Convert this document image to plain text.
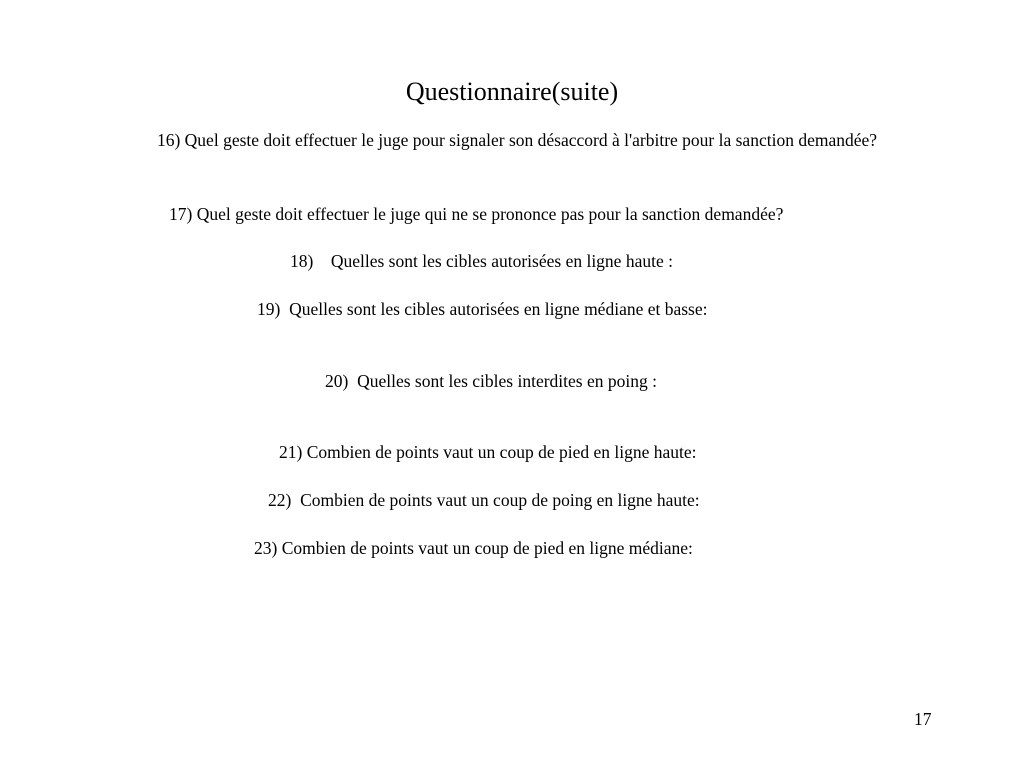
Questionnaire(suite)
16) Quel geste doit effectuer le juge pour signaler son désaccord à l'arbitre pour la sanction demandée?
17) Quel geste doit effectuer le juge qui ne se prononce pas pour la sanction demandée?
18)    Quelles sont les cibles autorisées en ligne haute :
19)  Quelles sont les cibles autorisées en ligne médiane et basse:
20)  Quelles sont les cibles interdites en poing :
21) Combien de points vaut un coup de pied en ligne haute:
22)  Combien de points vaut un coup de poing en ligne haute:
23) Combien de points vaut un coup de pied en ligne médiane:
17
